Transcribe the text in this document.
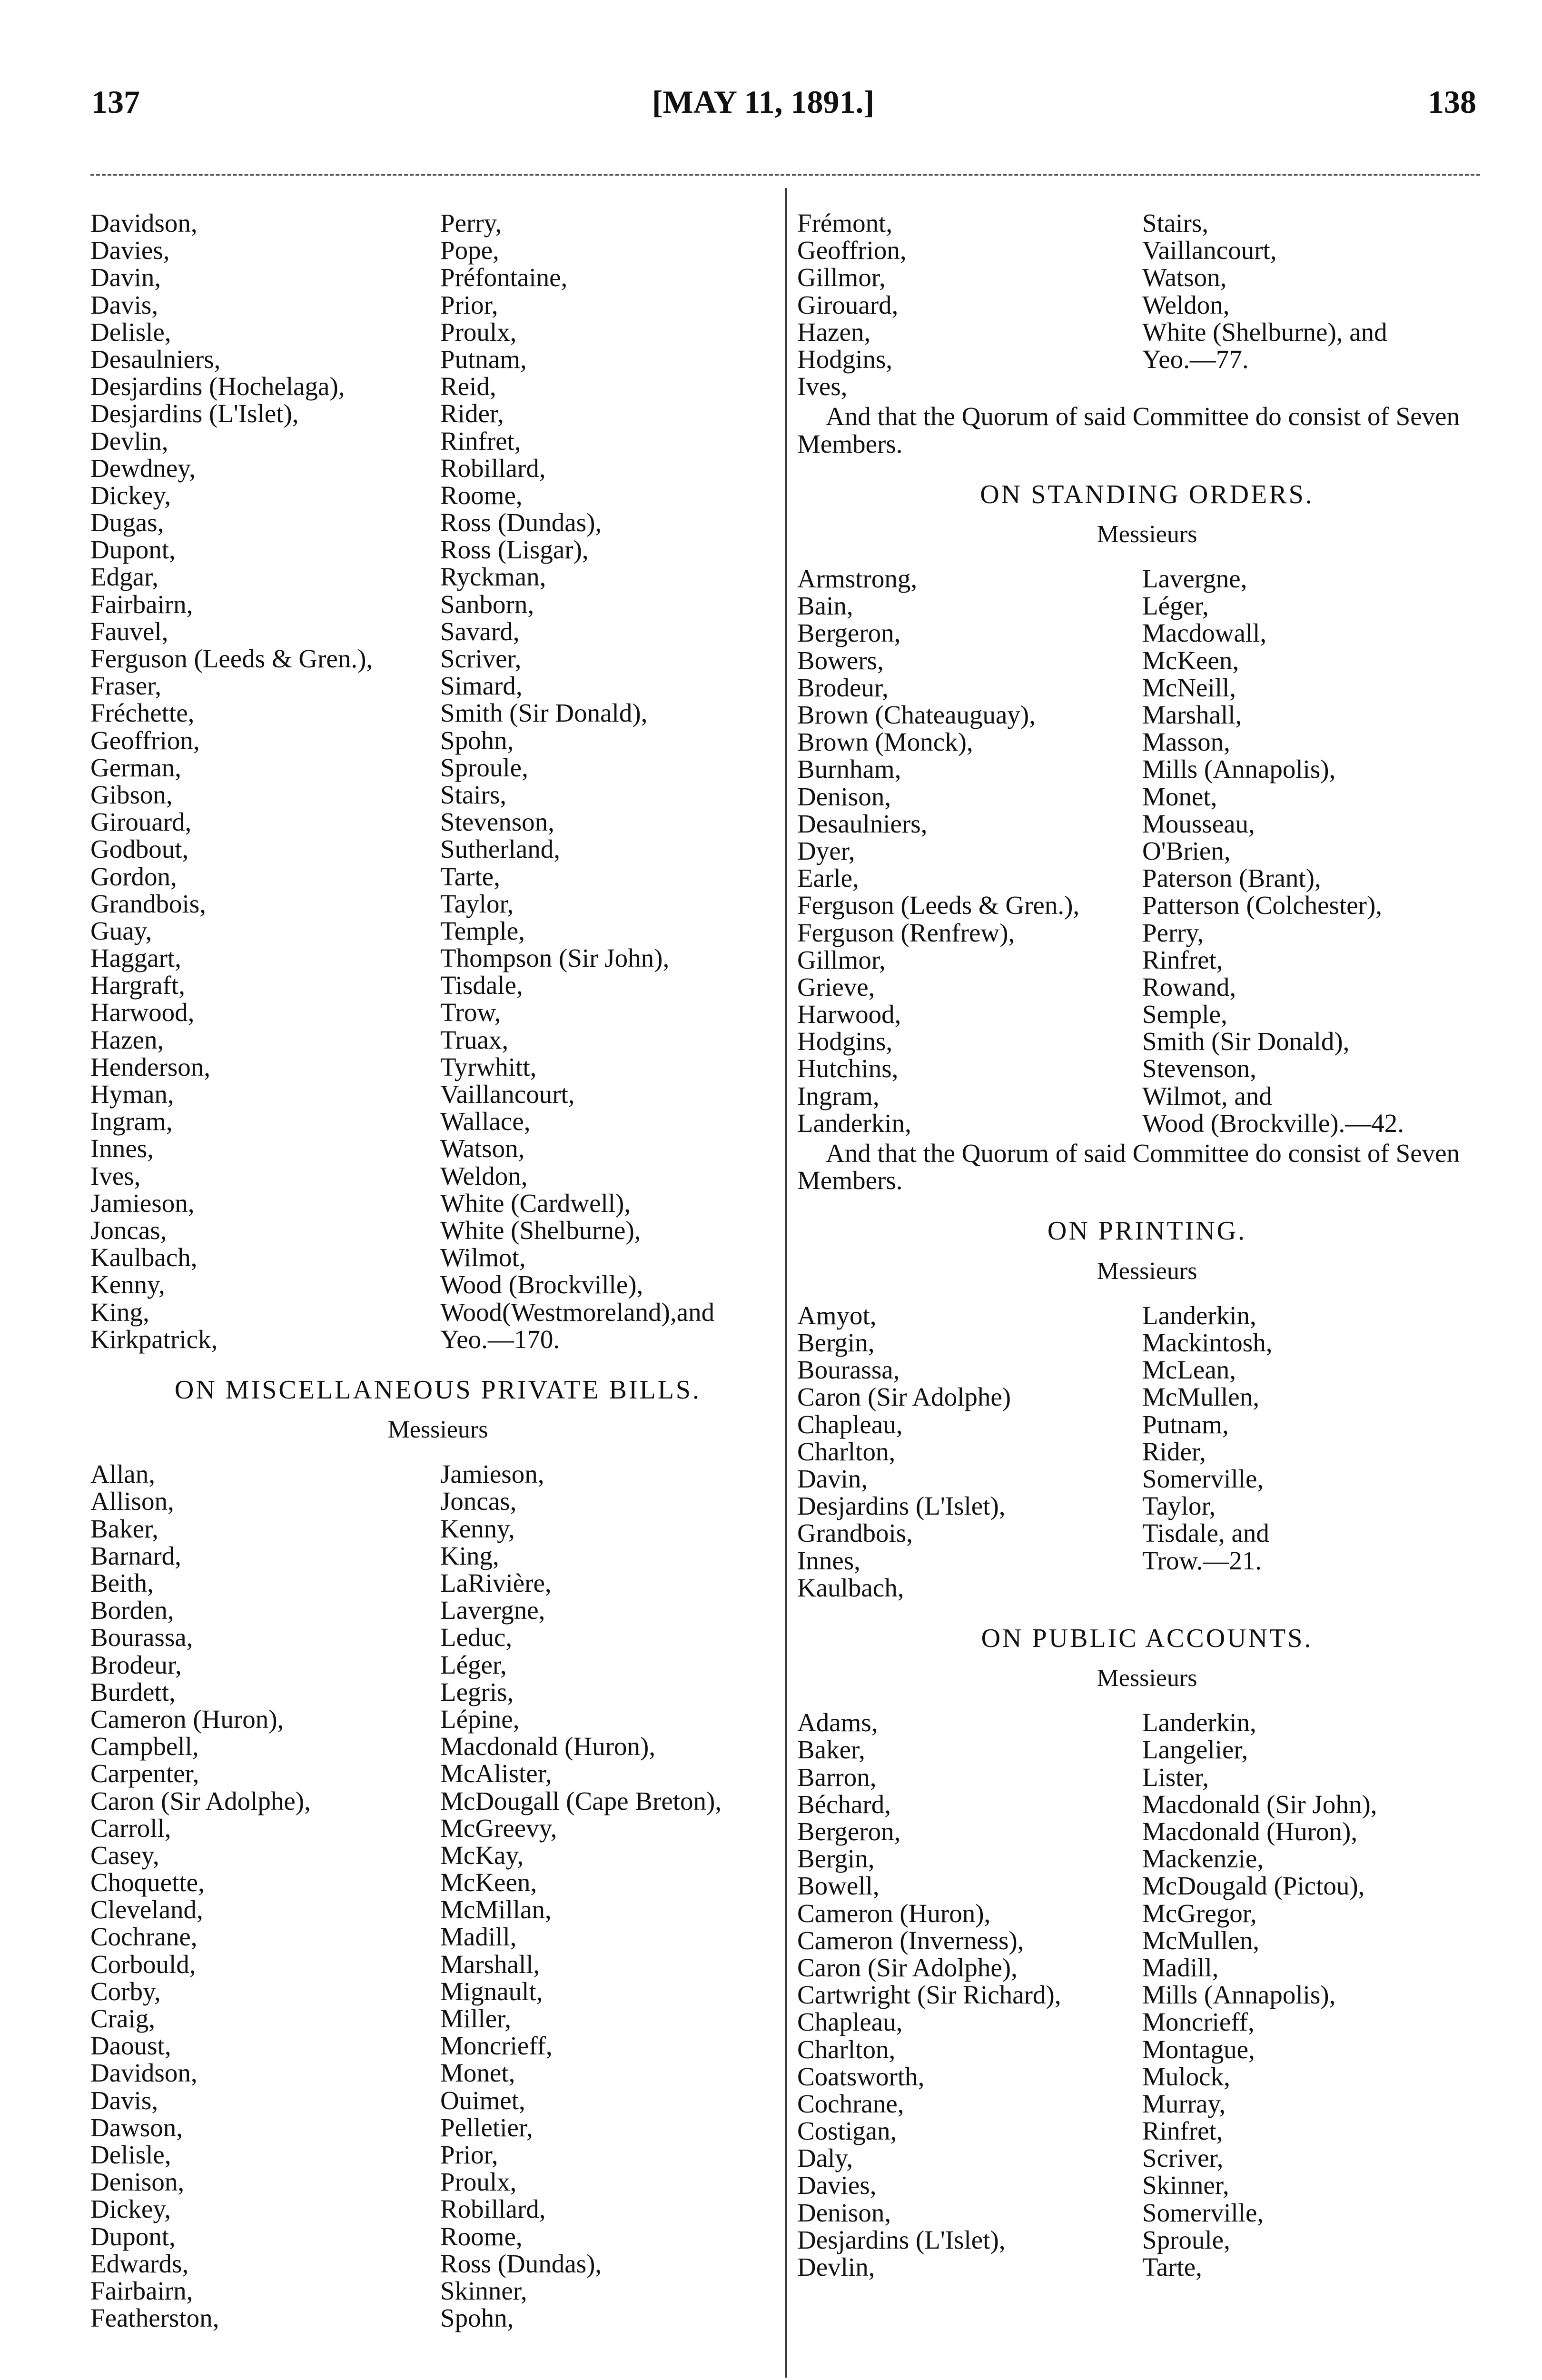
137	[MAY 11, 1891.]	138
Davidson,	Perry,
Davies,	Pope,
Davin,	Préfontaine,
Davis,	Prior,
Delisle,	Proulx,
Desaulniers,	Putnam,
Desjardins (Hochelaga),	Reid,
Desjardins (L'Islet),	Rider,
Devlin,	Rinfret,
Dewdney,	Robillard,
Dickey,	Roome,
Dugas,	Ross (Dundas),
Dupont,	Ross (Lisgar),
Edgar,	Ryckman,
Fairbairn,	Sanborn,
Fauvel,	Savard,
Ferguson (Leeds & Gren.),	Scriver,
Fraser,	Simard,
Fréchette,	Smith (Sir Donald),
Geoffrion,	Spohn,
German,	Sproule,
Gibson,	Stairs,
Girouard,	Stevenson,
Godbout,	Sutherland,
Gordon,	Tarte,
Grandbois,	Taylor,
Guay,	Temple,
Haggart,	Thompson (Sir John),
Hargraft,	Tisdale,
Harwood,	Trow,
Hazen,	Truax,
Henderson,	Tyrwhitt,
Hyman,	Vaillancourt,
Ingram,	Wallace,
Innes,	Watson,
Ives,	Weldon,
Jamieson,	White (Cardwell),
Joncas,	White (Shelburne),
Kaulbach,	Wilmot,
Kenny,	Wood (Brockville),
King,	Wood(Westmoreland),and
Kirkpatrick,	Yeo.—170.
ON MISCELLANEOUS PRIVATE BILLS.
Messieurs
Allan,	Jamieson,
Allison,	Joncas,
Baker,	Kenny,
Barnard,	King,
Beith,	LaRivière,
Borden,	Lavergne,
Bourassa,	Leduc,
Brodeur,	Léger,
Burdett,	Legris,
Cameron (Huron),	Lépine,
Campbell,	Macdonald (Huron),
Carpenter,	McAlister,
Caron (Sir Adolphe),	McDougall (Cape Breton),
Carroll,	McGreevy,
Casey,	McKay,
Choquette,	McKeen,
Cleveland,	McMillan,
Cochrane,	Madill,
Corbould,	Marshall,
Corby,	Mignault,
Craig,	Miller,
Daoust,	Moncrieff,
Davidson,	Monet,
Davis,	Ouimet,
Dawson,	Pelletier,
Delisle,	Prior,
Denison,	Proulx,
Dickey,	Robillard,
Dupont,	Roome,
Edwards,	Ross (Dundas),
Fairbairn,	Skinner,
Featherston,	Spohn,
Frémont,	Stairs,
Geoffrion,	Vaillancourt,
Gillmor,	Watson,
Girouard,	Weldon,
Hazen,	White (Shelburne), and
Hodgins,	Yeo.—77.
Ives,

And that the Quorum of said Committee do consist of Seven Members.

ON STANDING ORDERS.
Messieurs
Armstrong,	Lavergne,
Bain,	Léger,
Bergeron,	Macdowall,
Bowers,	McKeen,
Brodeur,	McNeill,
Brown (Chateauguay),	Marshall,
Brown (Monck),	Masson,
Burnham,	Mills (Annapolis),
Denison,	Monet,
Desaulniers,	Mousseau,
Dyer,	O'Brien,
Earle,	Paterson (Brant),
Ferguson (Leeds & Gren.), Patterson (Colchester),
Ferguson (Renfrew),	Perry,
Gillmor,	Rinfret,
Grieve,	Rowand,
Harwood,	Semple,
Hodgins,	Smith (Sir Donald),
Hutchins,	Stevenson,
Ingram,	Wilmot, and
Landerkin,	Wood (Brockville).—42.

And that the Quorum of said Committee do consist of Seven Members.

ON PRINTING.
Messieurs
Amyot,	Landerkin,
Bergin,	Mackintosh,
Bourassa,	McLean,
Caron (Sir Adolphe)	McMullen,
Chapleau,	Putnam,
Charlton,	Rider,
Davin,	Somerville,
Desjardins (L'Islet),	Taylor,
Grandbois,	Tisdale, and
Innes,	Trow.—21.
Kaulbach,
ON PUBLIC ACCOUNTS.
Messieurs
Adams,	Landerkin,
Baker,	Langelier,
Barron,	Lister,
Béchard,	Macdonald (Sir John),
Bergeron,	Macdonald (Huron),
Bergin,	Mackenzie,
Bowell,	McDougald (Pictou),
Cameron (Huron),	McGregor,
Cameron (Inverness),	McMullen,
Caron (Sir Adolphe),	Madill,
Cartwright (Sir Richard),	Mills (Annapolis),
Chapleau,	Moncrieff,
Charlton,	Montague,
Coatsworth,	Mulock,
Cochrane,	Murray,
Costigan,	Rinfret,
Daly,	Scriver,
Davies,	Skinner,
Denison,	Somerville,
Desjardins (L'Islet),	Sproule,
Devlin,	Tarte,
